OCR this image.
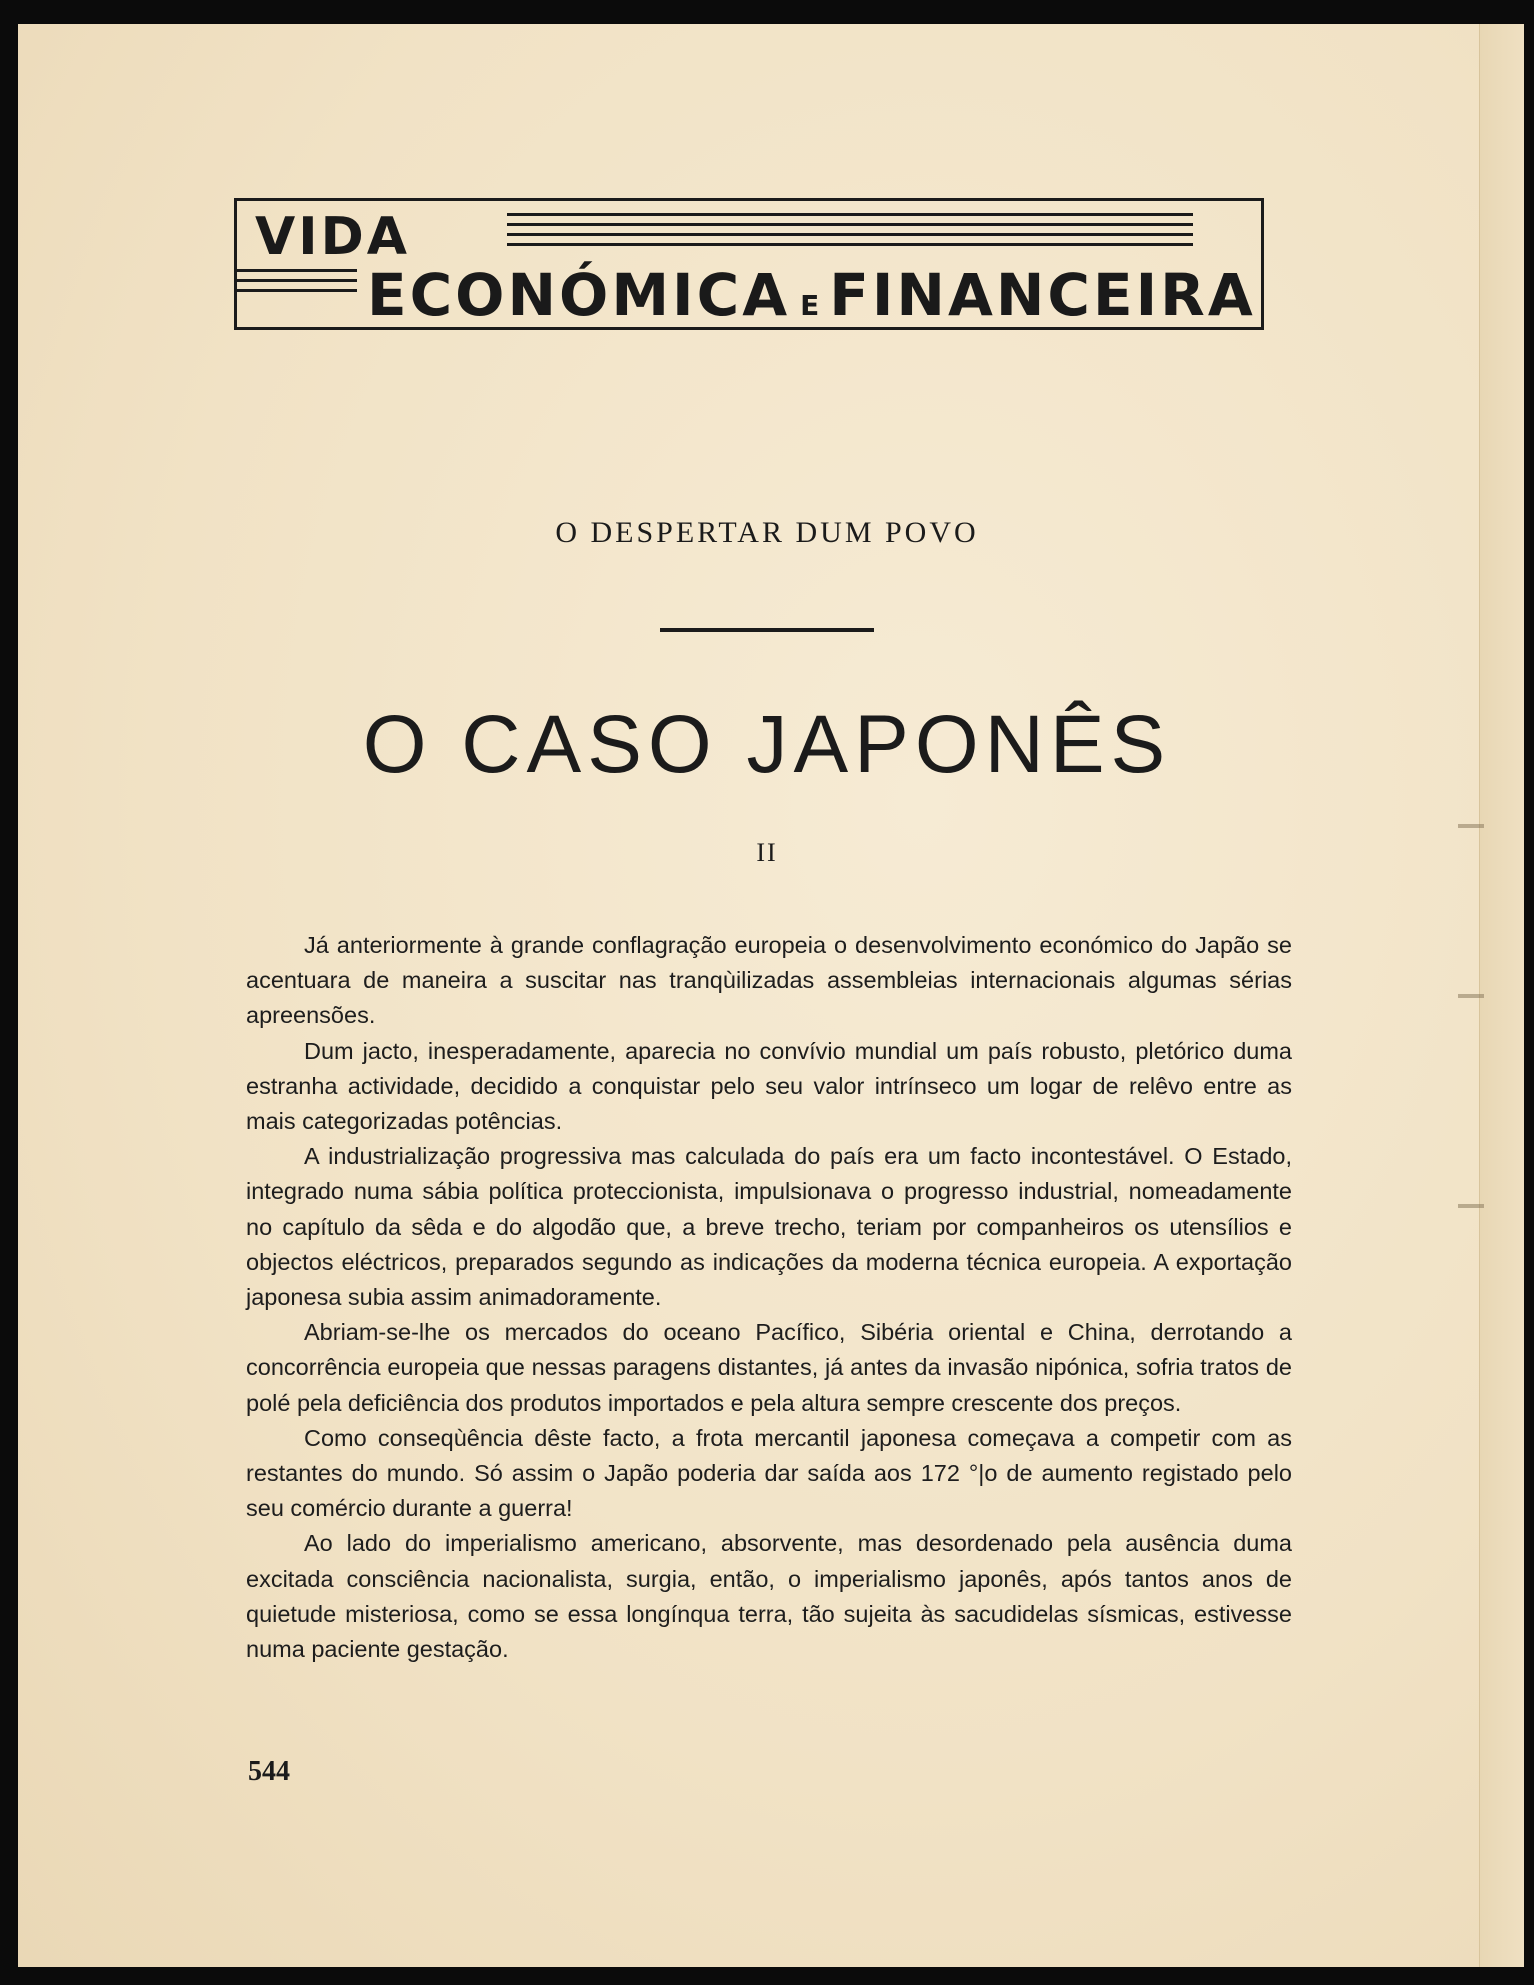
VIDA
ECONÓMICA E FINANCEIRA
O DESPERTAR DUM POVO
O CASO JAPONÊS
II

Já anteriormente à grande conflagração europeia o desenvolvimento económico do Japão se acentuara de maneira a suscitar nas tranqùilizadas assembleias internacionais algumas sérias apreensões.

Dum jacto, inesperadamente, aparecia no convívio mundial um país robusto, pletórico duma estranha actividade, decidido a conquistar pelo seu valor intrínseco um logar de relêvo entre as mais categorizadas potências.

A industrialização progressiva mas calculada do país era um facto incontestável. O Estado, integrado numa sábia política proteccionista, impulsionava o progresso industrial, nomeadamente no capítulo da sêda e do algodão que, a breve trecho, teriam por companheiros os utensílios e objectos eléctricos, preparados segundo as indicações da moderna técnica europeia. A exportação japonesa subia assim animadoramente.

Abriam-se-lhe os mercados do oceano Pacífico, Sibéria oriental e China, derrotando a concorrência europeia que nessas paragens distantes, já antes da invasão nipónica, sofria tratos de polé pela deficiência dos produtos importados e pela altura sempre crescente dos preços.

Como conseqùência dêste facto, a frota mercantil japonesa começava a competir com as restantes do mundo. Só assim o Japão poderia dar saída aos 172 °|o de aumento registado pelo seu comércio durante a guerra!

Ao lado do imperialismo americano, absorvente, mas desordenado pela ausência duma excitada consciência nacionalista, surgia, então, o imperialismo japonês, após tantos anos de quietude misteriosa, como se essa longínqua terra, tão sujeita às sacudidelas sísmicas, estivesse numa paciente gestação.

544
